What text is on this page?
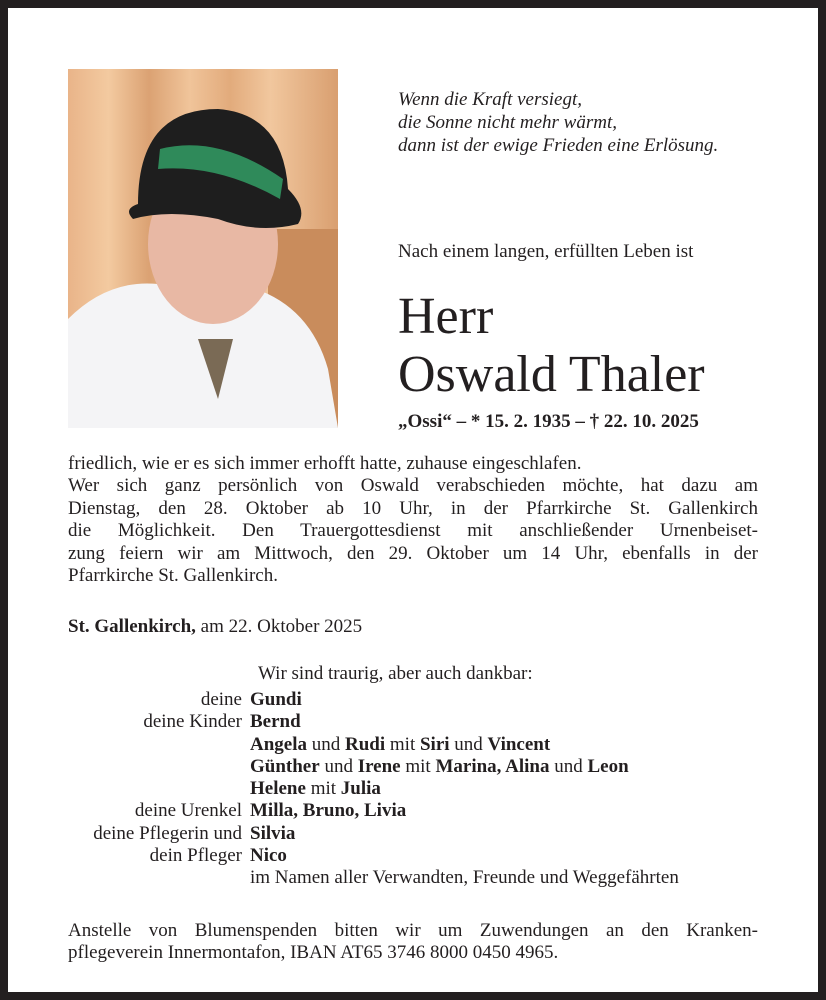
Wenn die Kraft versiegt,
die Sonne nicht mehr wärmt,
dann ist der ewige Frieden eine Erlösung.
Nach einem langen, erfüllten Leben ist
Herr
Oswald Thaler
„Ossi“ – * 15. 2. 1935 – † 22. 10. 2025
friedlich, wie er es sich immer erhofft hatte, zuhause eingeschlafen.
Wer sich ganz persönlich von Oswald verabschieden möchte, hat dazu am
Dienstag, den 28. Oktober ab 10 Uhr, in der Pfarrkirche St. Gallenkirch
die Möglichkeit. Den Trauergottesdienst mit anschließender Urnenbeiset-
zung feiern wir am Mittwoch, den 29. Oktober um 14 Uhr, ebenfalls in der
Pfarrkirche St. Gallenkirch.
St. Gallenkirch, am 22. Oktober 2025
Wir sind traurig, aber auch dankbar:
deine Gundi
deine Kinder Bernd
Angela und Rudi mit Siri und Vincent
Günther und Irene mit Marina, Alina und Leon
Helene mit Julia
deine Urenkel Milla, Bruno, Livia
deine Pflegerin und Silvia
dein Pfleger Nico
im Namen aller Verwandten, Freunde und Weggefährten
Anstelle von Blumenspenden bitten wir um Zuwendungen an den Kranken-
pflegeverein Innermontafon, IBAN AT65 3746 8000 0450 4965.
